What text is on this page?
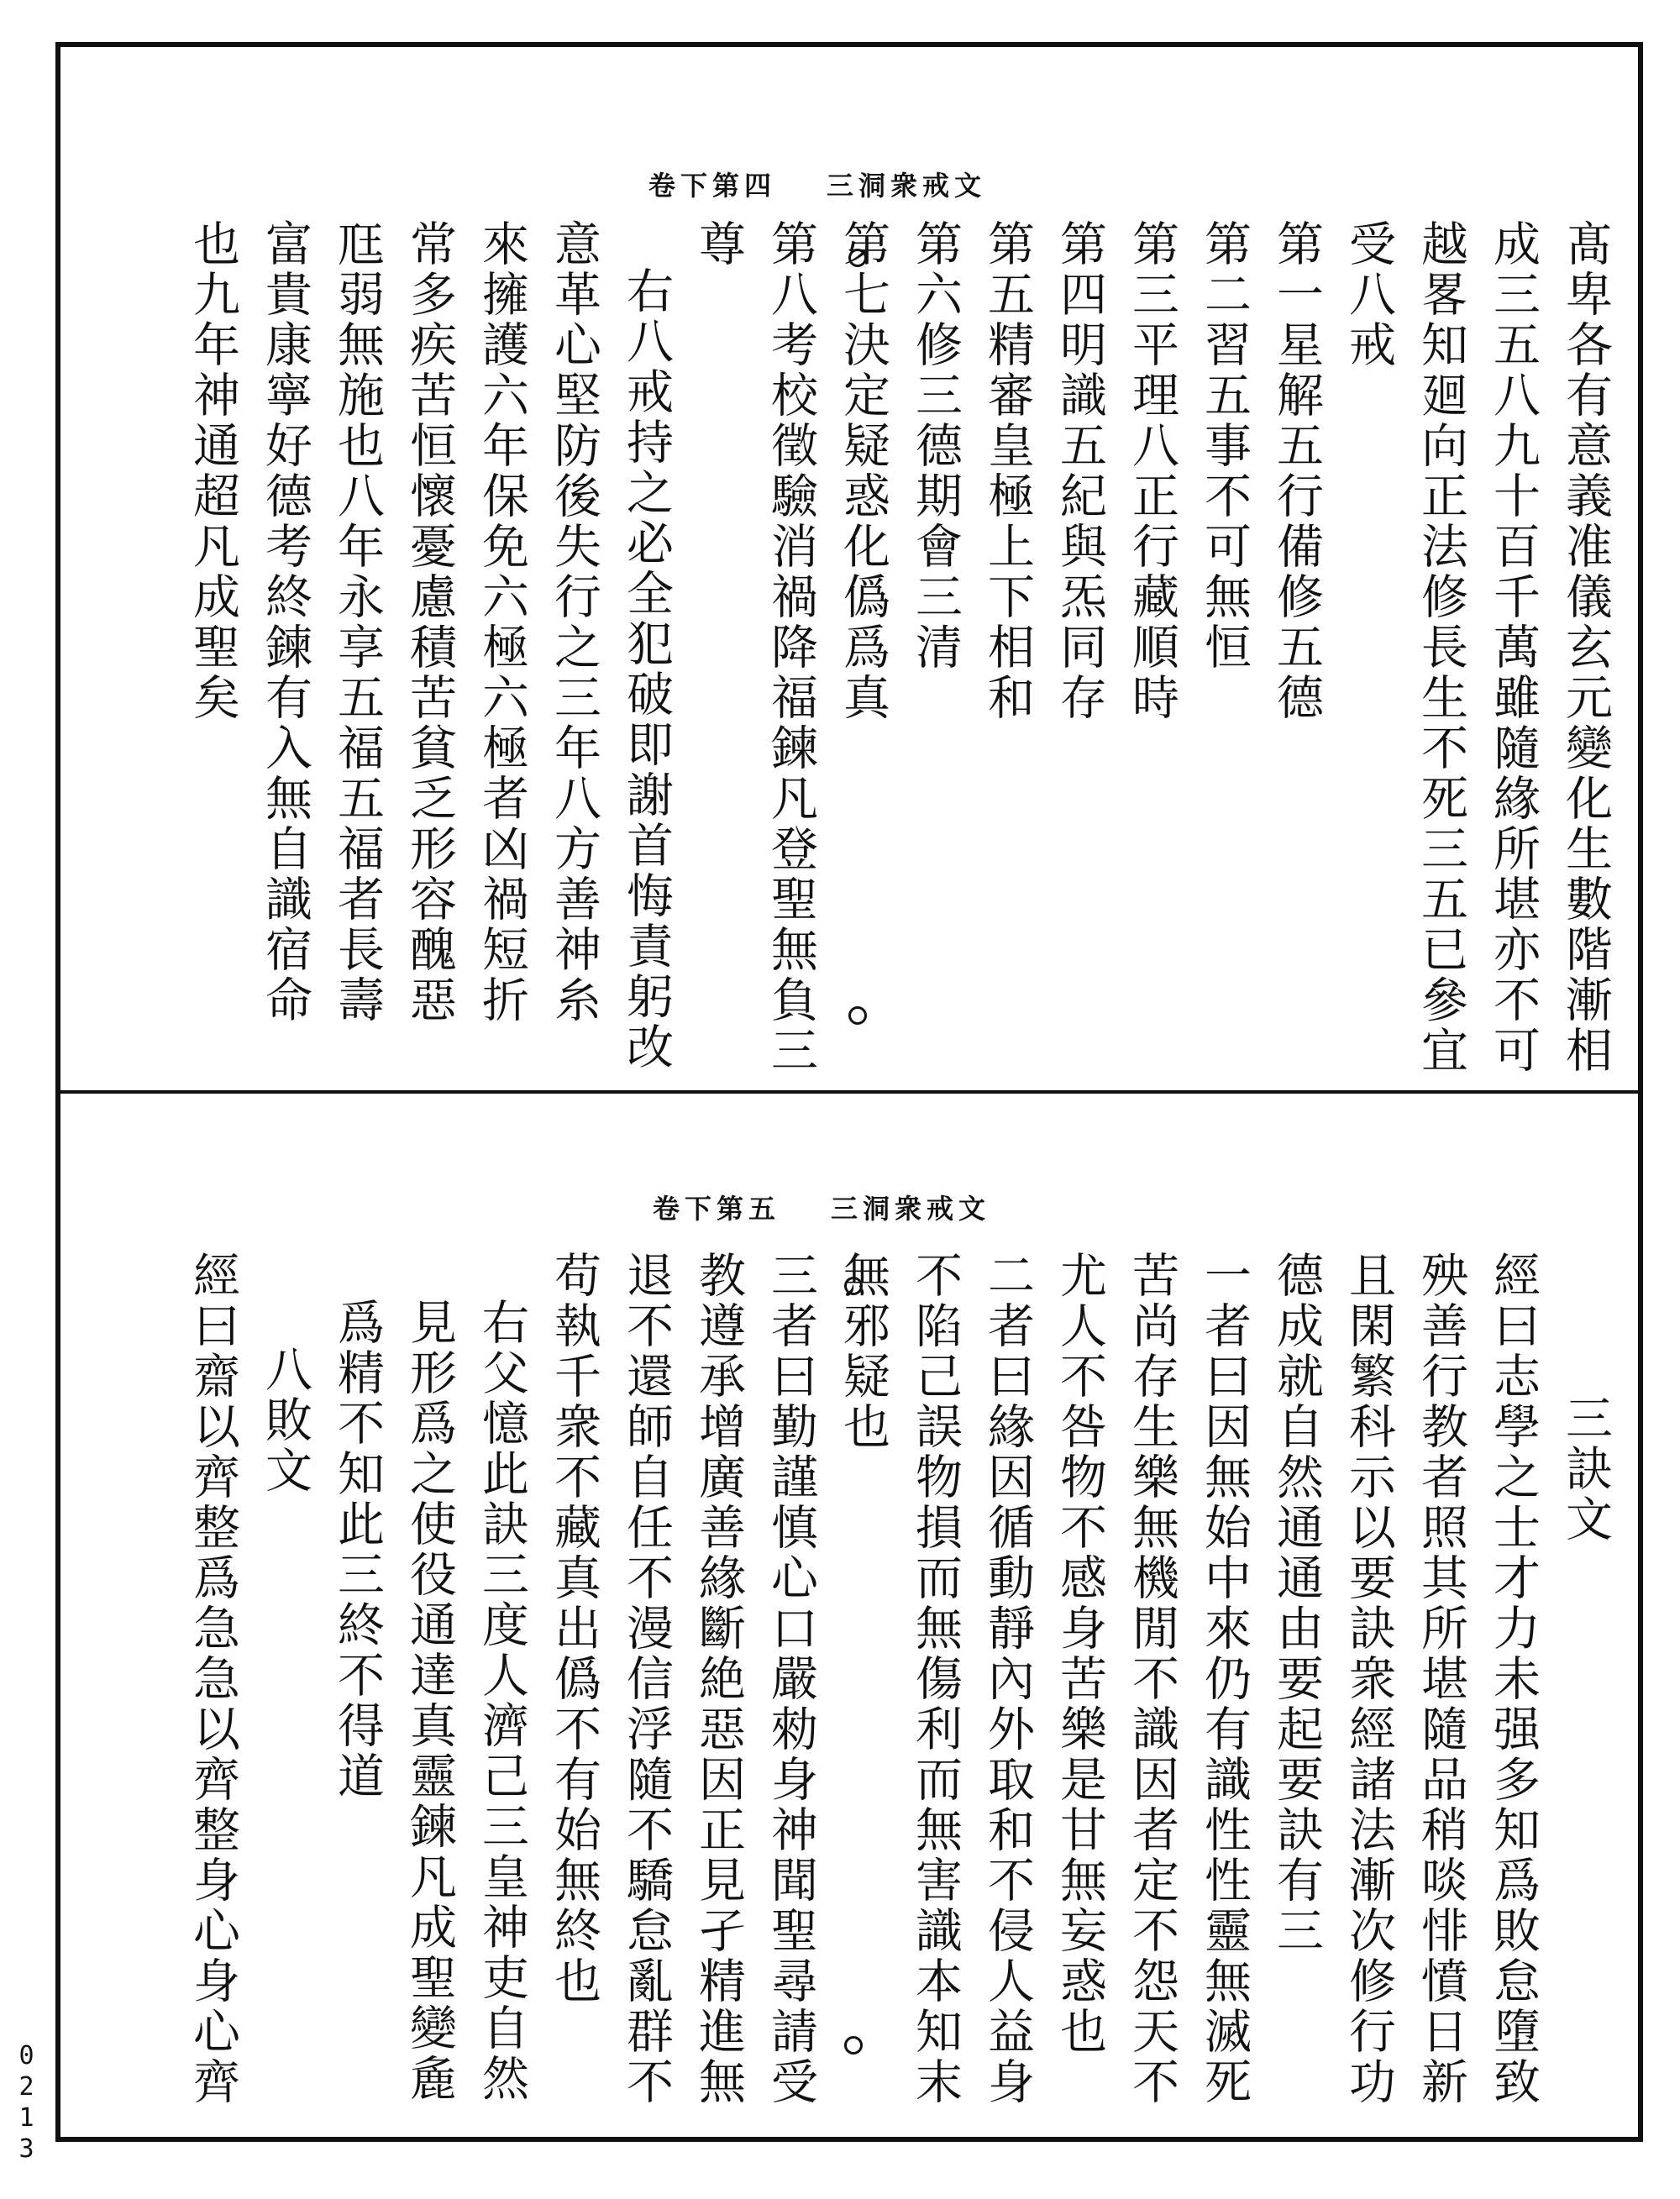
卷下第四 三洞衆戒文
髙卑各有意義准儀玄元變化生數階漸相
成三五八九十百千萬雖隨緣所堪亦不可
越畧知廻向正法修長生不死三五已參宜
受八戒
第一星解五行備修五德
第二習五事不可無恒
第三平理八正行藏順時
第四明識五紀與炁同存
第五精審皇極上下相和
第六修三德期會三清
第七決定疑惑化僞爲真
第八考校徵驗消禍降福鍊凡登聖無負三
尊
右八戒持之必全犯破即謝首悔責躬改
意革心堅防後失行之三年八方善神糸
來擁護六年保免六極六極者凶禍短折
常多疾苦恒懷憂慮積苦貧乏形容醜惡
尫弱無施也八年永享五福五福者長壽
富貴康寧好德考終鍊有入無自識宿命
也九年神通超凡成聖矣
卷下第五 三洞衆戒文
三訣文
經曰志學之士才力未强多知爲敗怠墮致
殃善行教者照其所堪隨品稍啖悱憤日新
且閑繁科示以要訣衆經諸法漸次修行功
德成就自然通通由要起要訣有三
一者曰因無始中來仍有識性性靈無滅死
苦尚存生樂無機閒不識因者定不怨天不
尤人不咎物不感身苦樂是甘無妄惑也
二者曰緣因循動靜內外取和不侵人益身
不陷己誤物損而無傷利而無害識本知末
無邪疑也
三者曰勤謹慎心口嚴勑身神聞聖尋請受
教遵承增廣善緣斷絶惡因正見孑精進無
退不還師自任不漫信浮隨不驕怠亂群不
苟執千衆不藏真出僞不有始無終也
右父憶此訣三度人濟己三皇神吏自然
見形爲之使役通達真靈鍊凡成聖變麁
爲精不知此三終不得道
八敗文
經曰齋以齊整爲急急以齊整身心身心齊
0213
